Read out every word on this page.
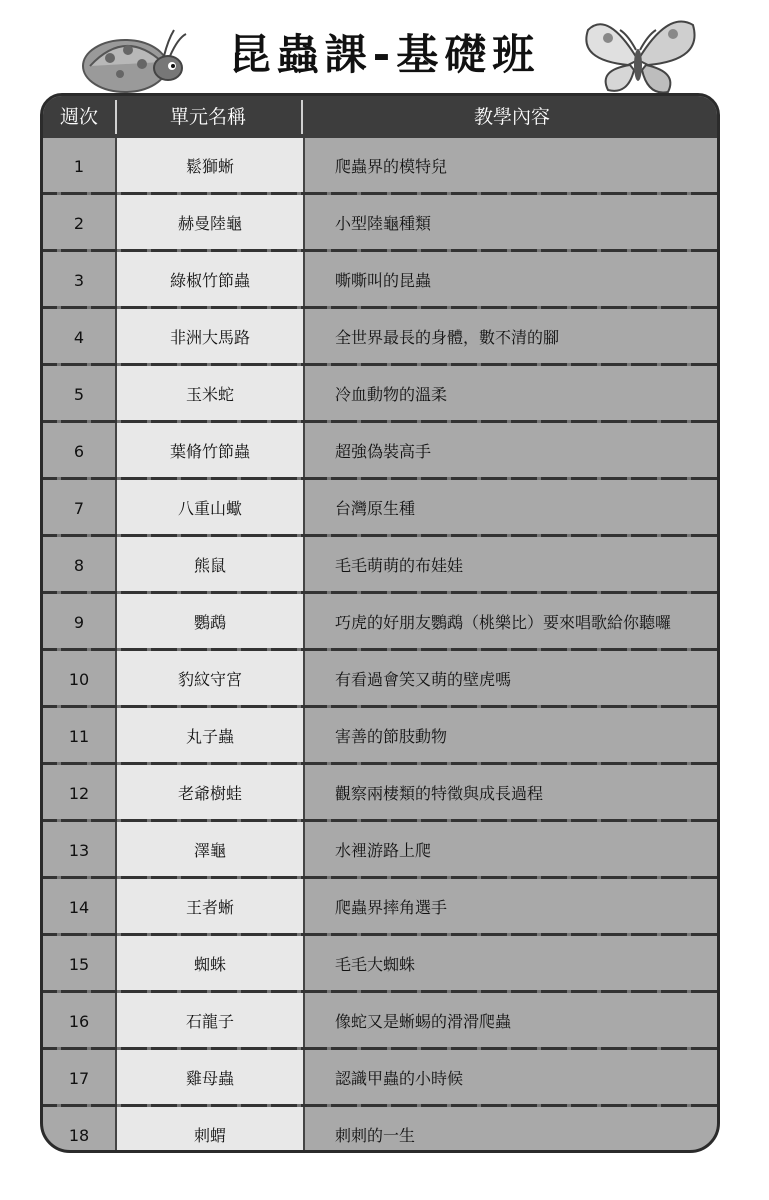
昆蟲課-基礎班
週次	單元名稱	教學內容
1	鬆獅蜥	爬蟲界的模特兒
2	赫曼陸龜	小型陸龜種類
3	綠椒竹節蟲	嘶嘶叫的昆蟲
4	非洲大馬路	全世界最長的身體，數不清的腳
5	玉米蛇	冷血動物的溫柔
6	葉脩竹節蟲	超強偽裝高手
7	八重山蠍	台灣原生種
8	熊鼠	毛毛萌萌的布娃娃
9	鸚鵡	巧虎的好朋友鸚鵡（桃樂比）要來唱歌給你聽囉
10	豹紋守宮	有看過會笑又萌的壁虎嗎
11	丸子蟲	害善的節肢動物
12	老爺樹蛙	觀察兩棲類的特徵與成長過程
13	澤龜	水裡游路上爬
14	王者蜥	爬蟲界摔角選手
15	蜘蛛	毛毛大蜘蛛
16	石龍子	像蛇又是蜥蜴的滑滑爬蟲
17	雞母蟲	認識甲蟲的小時候
18	刺蝟	刺刺的一生
